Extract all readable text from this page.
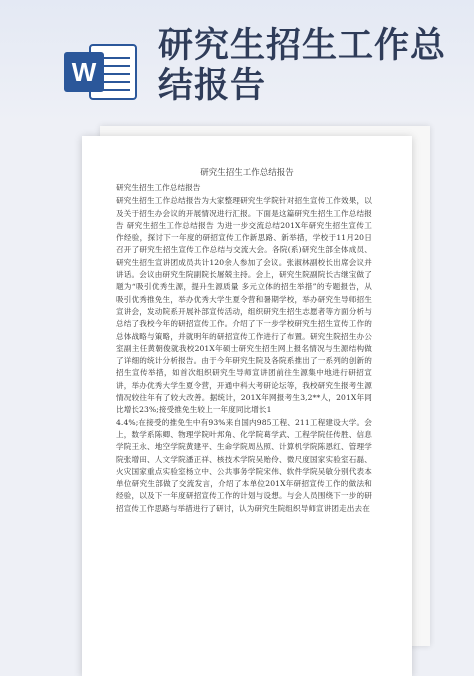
W
研究生招生工作总
结报告
研究生招生工作总结报告

研究生招生工作总结报告

研究生招生工作总结报告为大家整理研究生学院针对招生宣传工作效果，以及关于招生办会议的开展情况进行汇报。下面是这篇研究生招生工作总结报告 研究生招生工作总结报告 为进一步交流总结201X年研究生招生宣传工作经验，探讨下一年度的研招宣传工作新思路、新举措，学校于11月20日召开了研究生招生宣传工作总结与交流大会。各院(系)研究生部全体成员、研究生招生宣讲团成员共计120余人参加了会议。张淑林副校长出席会议并讲话。会议由研究生院副院长屠兢主持。会上，研究生院副院长古继宝做了题为“吸引优秀生源，提升生源质量 多元立体的招生举措”的专题报告，从吸引优秀推免生，举办优秀大学生夏令营和暑期学校，举办研究生导师招生宣讲会，发动院系开展补部宣传活动，组织研究生招生志愿者等方面分析与总结了我校今年的研招宣传工作。介绍了下一步学校研究生招生宣传工作的总体战略与策略，并就明年的研招宣传工作进行了布置。研究生院招生办公室副主任黄朝俊就我校201X年硕士研究生招生网上报名情况与生源结构做了详细的统计分析报告。由于今年研究生院及各院系推出了一系列的创新的招生宣传举措，如首次组织研究生导师宣讲团前往生源集中地进行研招宣讲，举办优秀大学生夏令营，开通中科大考研论坛等，我校研究生报考生源情况较往年有了较大改善。据统计，201X年网报考生3,2**人，201X年同比增长23%;接受推免生较上一年度同比增长1

4.4%;在接受的推免生中有93%来自国内985工程、211工程建设大学。会上，数学系陈卿、物理学院叶邦角、化学院葛学武、工程学院任传胜、信息学院王永、地空学院黄建平、生命学院周丛照、计算机学院陈恩红、管理学院张增田、人文学院潘正祥、核技术学院吴贻伶、微尺度国家实验室石磊、火灾国家重点实验室杨立中、公共事务学院宋伟、软件学院吴敏分别代表本单位研究生部做了交流发言，介绍了本单位201X年研招宣传工作的做法和经验，以及下一年度研招宣传工作的计划与设想。与会人员围绕下一步的研招宣传工作思路与举措进行了研讨，认为研究生院组织导师宣讲团走出去在
